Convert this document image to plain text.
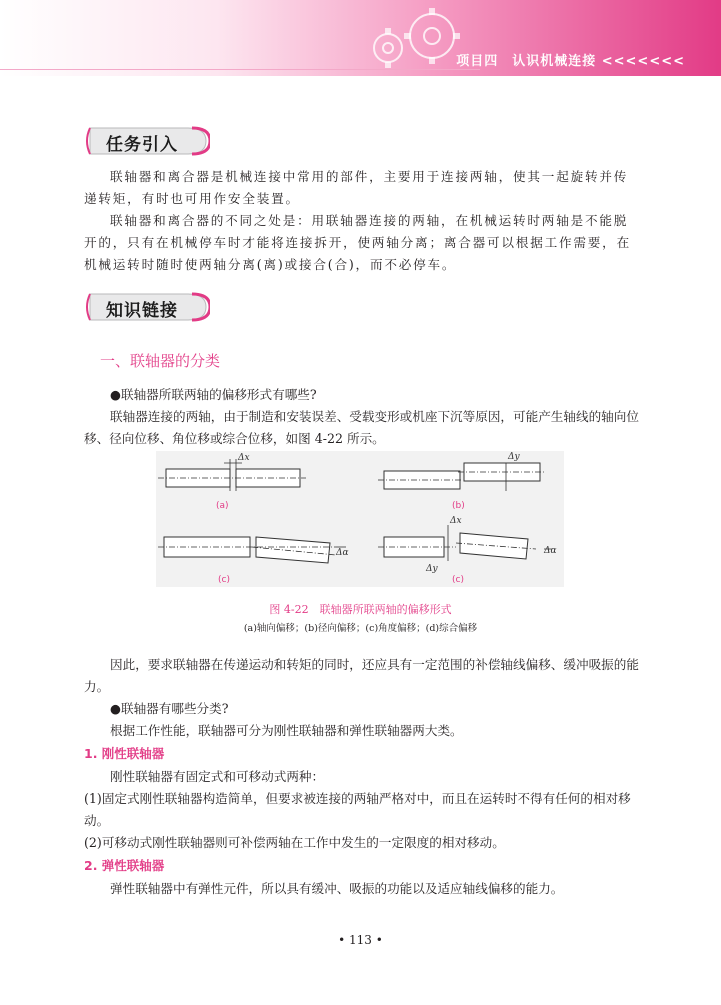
项目四　认识机械连接 <<<<<<<
任务引入

联轴器和离合器是机械连接中常用的部件，主要用于连接两轴，使其一起旋转并传递转矩，有时也可用作安全装置。

联轴器和离合器的不同之处是：用联轴器连接的两轴，在机械运转时两轴是不能脱开的，只有在机械停车时才能将连接拆开，使两轴分离；离合器可以根据工作需要，在机械运转时随时使两轴分离(离)或接合(合)，而不必停车。

知识链接
一、联轴器的分类

●联轴器所联两轴的偏移形式有哪些?

联轴器连接的两轴，由于制造和安装误差、受载变形或机座下沉等原因，可能产生轴线的轴向位移、径向位移、角位移或综合位移，如图 4-22 所示。

Δx	Δy
Δα
Δx
Δy
Δα
(a)	(b)
(c)	(c)
图 4-22　联轴器所联两轴的偏移形式
(a)轴向偏移；(b)径向偏移；(c)角度偏移；(d)综合偏移

因此，要求联轴器在传递运动和转矩的同时，还应具有一定范围的补偿轴线偏移、缓冲吸振的能力。

●联轴器有哪些分类?

根据工作性能，联轴器可分为刚性联轴器和弹性联轴器两大类。

1. 刚性联轴器

刚性联轴器有固定式和可移动式两种：

(1)固定式刚性联轴器构造简单，但要求被连接的两轴严格对中，而且在运转时不得有任何的相对移动。

(2)可移动式刚性联轴器则可补偿两轴在工作中发生的一定限度的相对移动。

2. 弹性联轴器

弹性联轴器中有弹性元件，所以具有缓冲、吸振的功能以及适应轴线偏移的能力。

• 113 •
